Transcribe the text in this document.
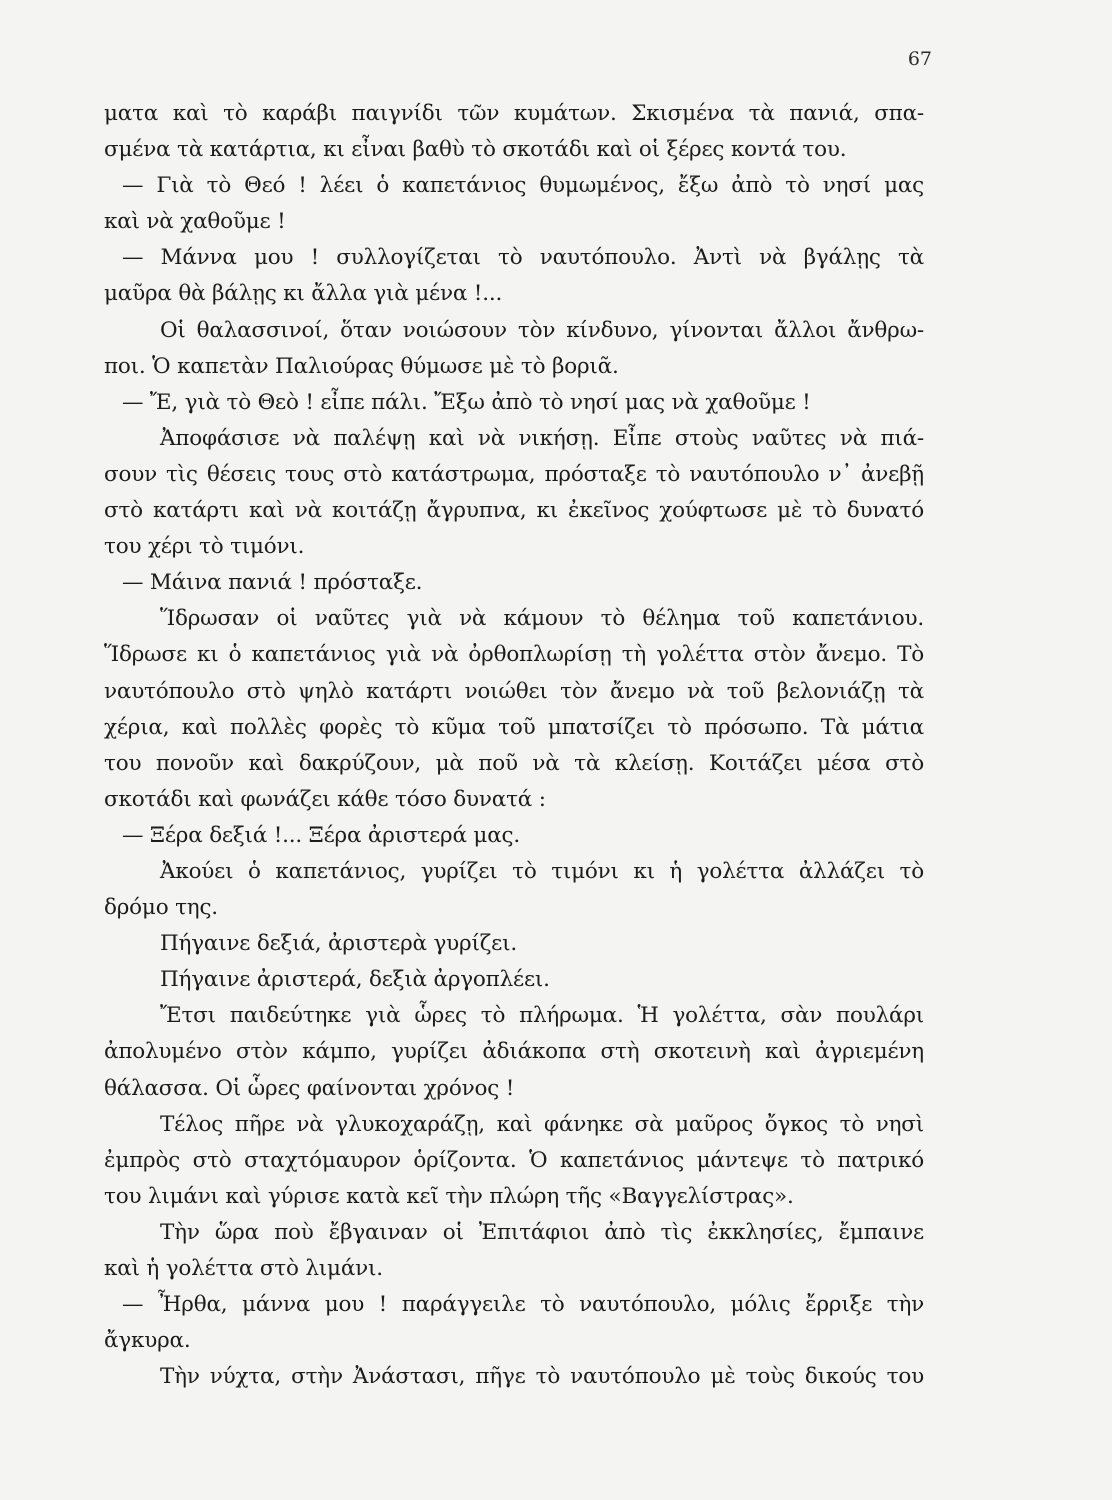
67
ματα καὶ τὸ καράβι παιγνίδι τῶν κυμάτων. Σκισμένα τὰ πανιά, σπα-
σμένα τὰ κατάρτια, κι εἶναι βαθὺ τὸ σκοτάδι καὶ οἱ ξέρες κοντά του.
— Γιὰ τὸ Θεό ! λέει ὁ καπετάνιος θυμωμένος, ἔξω ἀπὸ τὸ νησί μας
καὶ νὰ χαθοῦμε !
— Μάννα μου ! συλλογίζεται τὸ ναυτόπουλο. Ἀντὶ νὰ βγάλῃς τὰ
μαῦρα θὰ βάλῃς κι ἄλλα γιὰ μένα !...
Οἱ θαλασσινοί, ὅταν νοιώσουν τὸν κίνδυνο, γίνονται ἄλλοι ἄνθρω-
ποι. Ὁ καπετὰν Παλιούρας θύμωσε μὲ τὸ βοριᾶ.
— Ἔ, γιὰ τὸ Θεὸ ! εἶπε πάλι. Ἔξω ἀπὸ τὸ νησί μας νὰ χαθοῦμε !
Ἀποφάσισε νὰ παλέψῃ καὶ νὰ νικήσῃ. Εἶπε στοὺς ναῦτες νὰ πιά-
σουν τὶς θέσεις τους στὸ κατάστρωμα, πρόσταξε τὸ ναυτόπουλο ν᾿ ἀνεβῇ
στὸ κατάρτι καὶ νὰ κοιτάζῃ ἄγρυπνα, κι ἐκεῖνος χούφτωσε μὲ τὸ δυνατό
του χέρι τὸ τιμόνι.
— Μάινα πανιά ! πρόσταξε.
Ἵδρωσαν οἱ ναῦτες γιὰ νὰ κάμουν τὸ θέλημα τοῦ καπετάνιου.
Ἵδρωσε κι ὁ καπετάνιος γιὰ νὰ ὀρθοπλωρίσῃ τὴ γολέττα στὸν ἄνεμο. Τὸ
ναυτόπουλο στὸ ψηλὸ κατάρτι νοιώθει τὸν ἄνεμο νὰ τοῦ βελονιάζῃ τὰ
χέρια, καὶ πολλὲς φορὲς τὸ κῦμα τοῦ μπατσίζει τὸ πρόσωπο. Τὰ μάτια
του πονοῦν καὶ δακρύζουν, μὰ ποῦ νὰ τὰ κλείσῃ. Κοιτάζει μέσα στὸ
σκοτάδι καὶ φωνάζει κάθε τόσο δυνατά :
— Ξέρα δεξιά !... Ξέρα ἀριστερά μας.
Ἀκούει ὁ καπετάνιος, γυρίζει τὸ τιμόνι κι ἡ γολέττα ἀλλάζει τὸ
δρόμο της.
Πήγαινε δεξιά, ἀριστερὰ γυρίζει.
Πήγαινε ἀριστερά, δεξιὰ ἀργοπλέει.
Ἔτσι παιδεύτηκε γιὰ ὧρες τὸ πλήρωμα. Ἡ γολέττα, σὰν πουλάρι
ἀπολυμένο στὸν κάμπο, γυρίζει ἀδιάκοπα στὴ σκοτεινὴ καὶ ἀγριεμένη
θάλασσα. Οἱ ὧρες φαίνονται χρόνος !
Τέλος πῆρε νὰ γλυκοχαράζῃ, καὶ φάνηκε σὰ μαῦρος ὄγκος τὸ νησὶ
ἐμπρὸς στὸ σταχτόμαυρον ὁρίζοντα. Ὁ καπετάνιος μάντεψε τὸ πατρικό
του λιμάνι καὶ γύρισε κατὰ κεῖ τὴν πλώρη τῆς «Βαγγελίστρας».
Τὴν ὥρα ποὺ ἔβγαιναν οἱ Ἐπιτάφιοι ἀπὸ τὶς ἐκκλησίες, ἔμπαινε
καὶ ἡ γολέττα στὸ λιμάνι.
— Ἦρθα, μάννα μου ! παράγγειλε τὸ ναυτόπουλο, μόλις ἔρριξε τὴν
ἄγκυρα.
Τὴν νύχτα, στὴν Ἀνάστασι, πῆγε τὸ ναυτόπουλο μὲ τοὺς δικούς του
